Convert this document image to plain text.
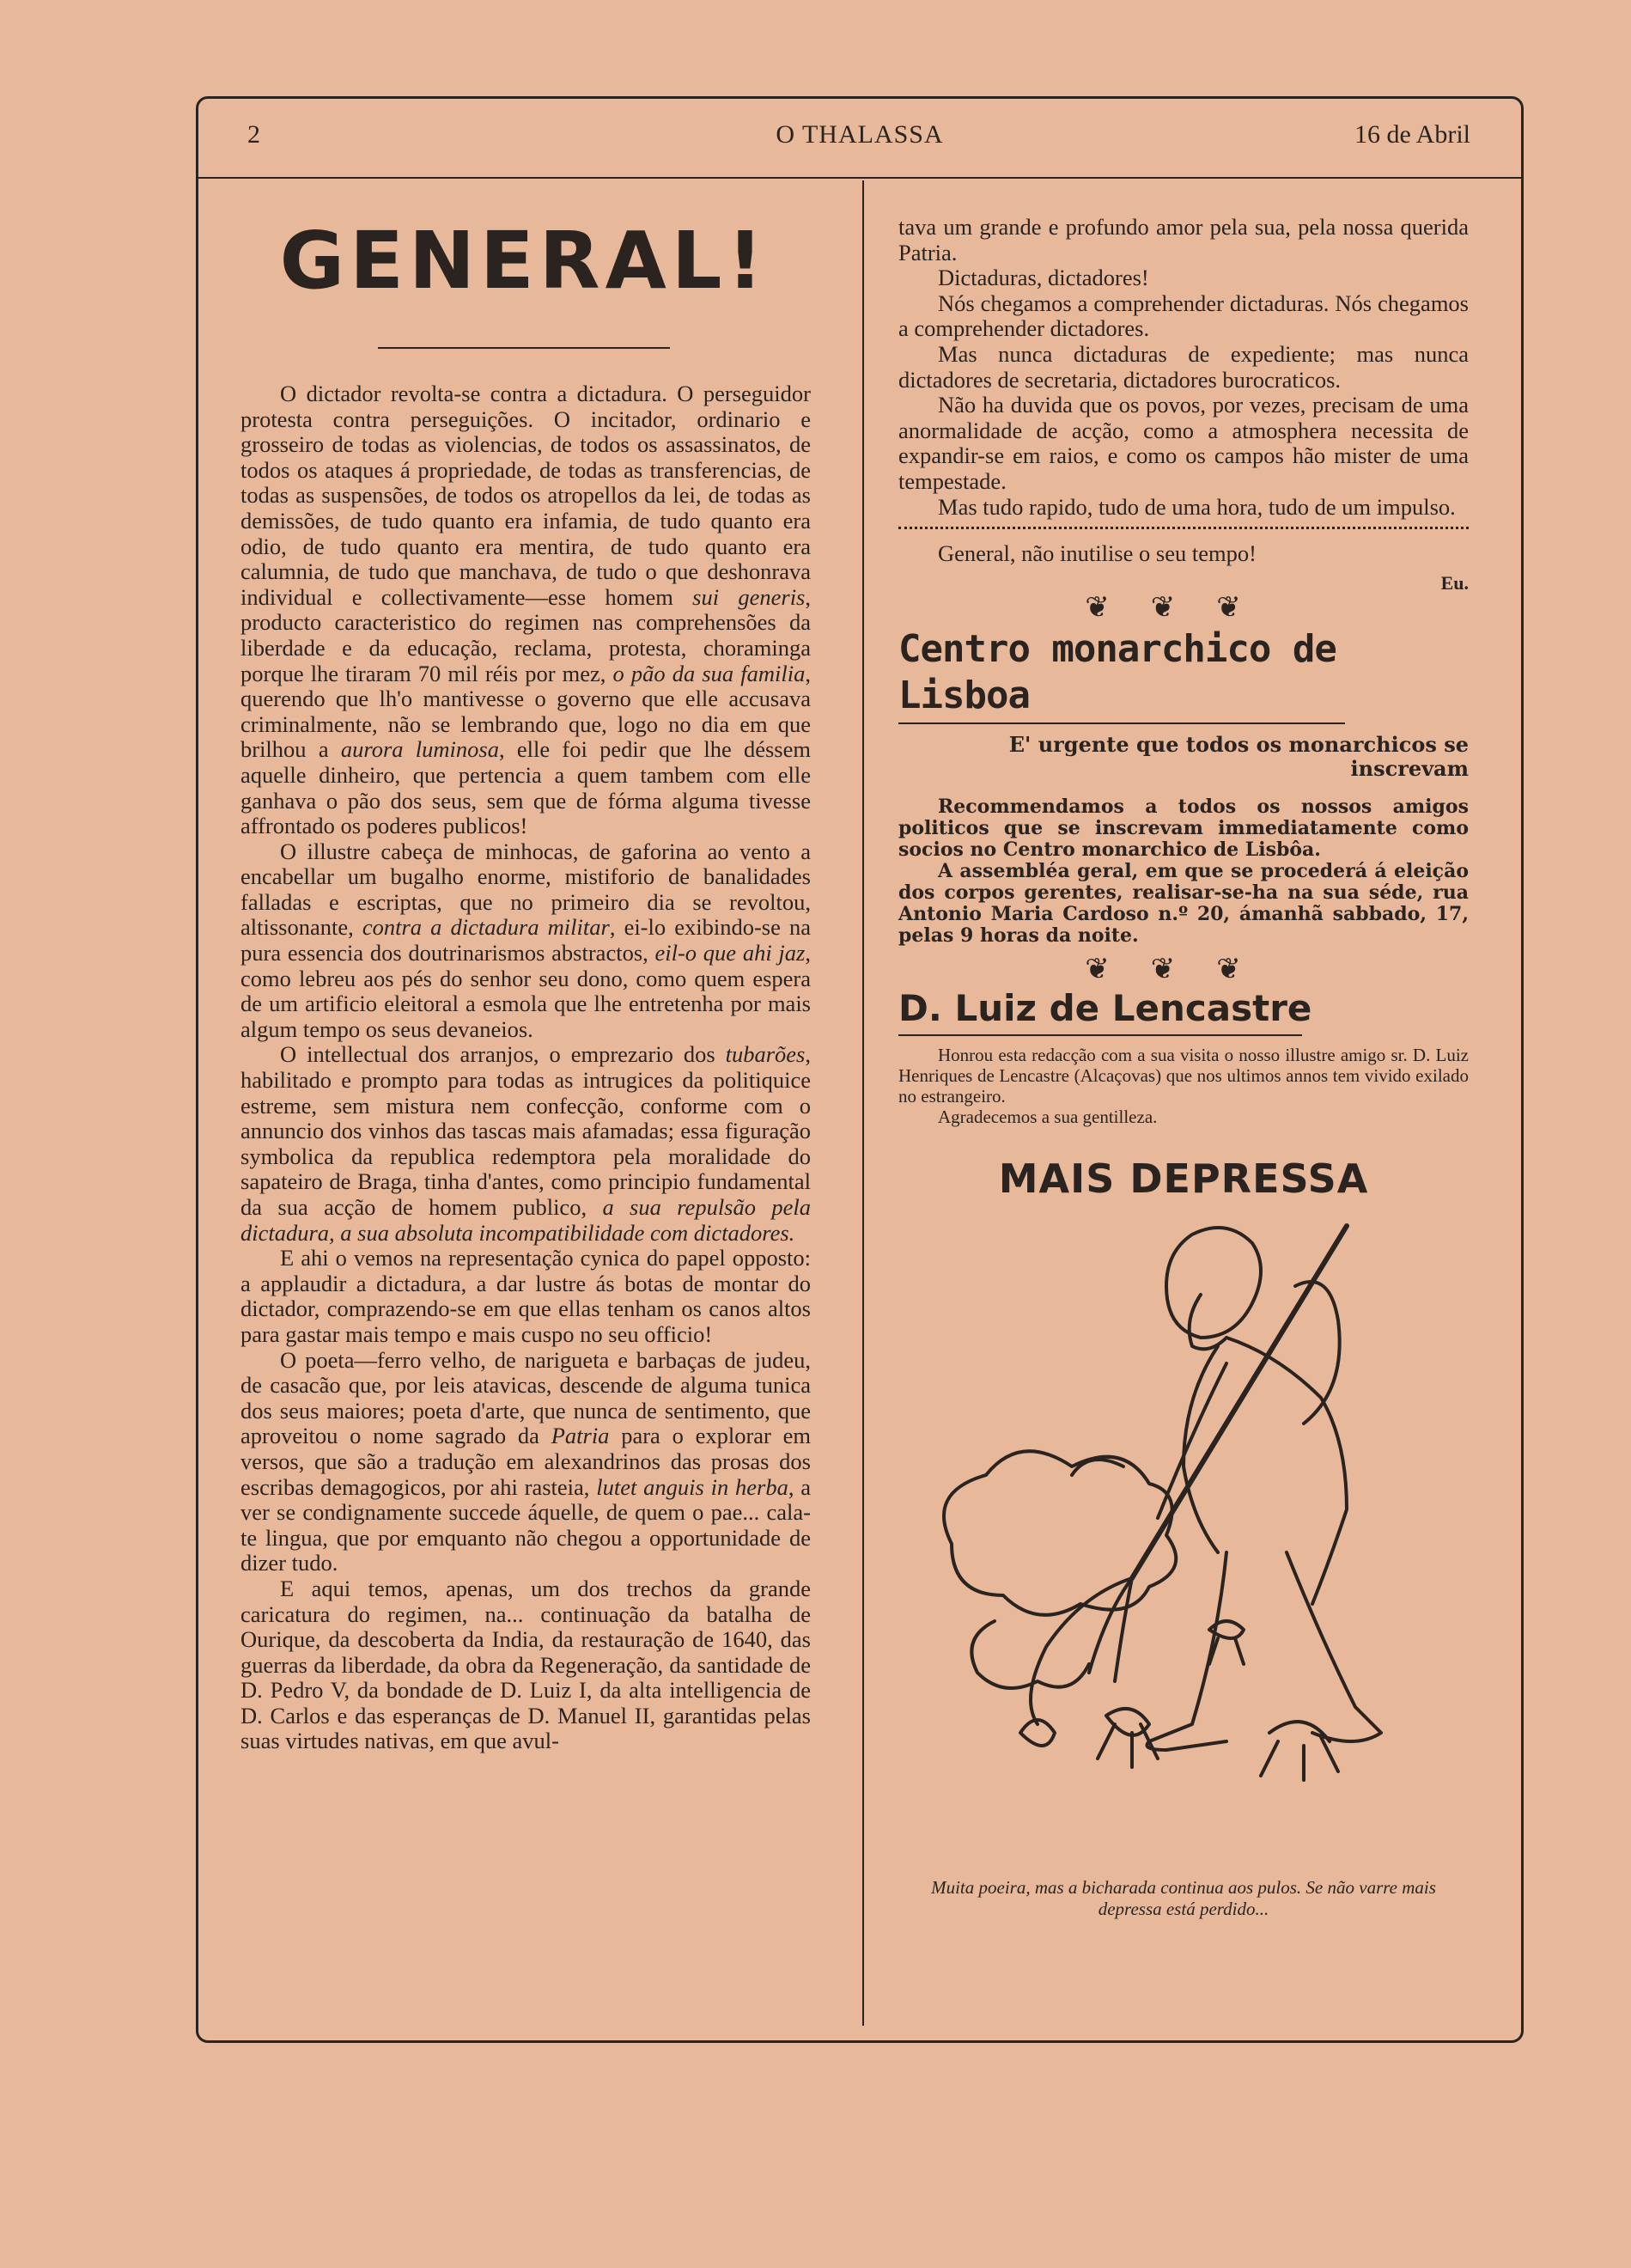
2	O THALASSA	16 de Abril
GENERAL!

O dictador revolta-se contra a dictadura. O perseguidor protesta contra perseguições. O incitador, ordinario e grosseiro de todas as violencias, de todos os assassinatos, de todos os ataques á propriedade, de todas as transferencias, de todas as suspensões, de todos os atropellos da lei, de todas as demissões, de tudo quanto era infamia, de tudo quanto era odio, de tudo quanto era mentira, de tudo quanto era calumnia, de tudo que manchava, de tudo o que deshonrava individual e collectivamente—esse homem sui generis, producto caracteristico do regimen nas comprehensões da liberdade e da educação, reclama, protesta, choraminga porque lhe tiraram 70 mil réis por mez, o pão da sua familia, querendo que lh'o mantivesse o governo que elle accusava criminalmente, não se lembrando que, logo no dia em que brilhou a aurora luminosa, elle foi pedir que lhe déssem aquelle dinheiro, que pertencia a quem tambem com elle ganhava o pão dos seus, sem que de fórma alguma tivesse affrontado os poderes publicos!

O illustre cabeça de minhocas, de gaforina ao vento a encabellar um bugalho enorme, mistiforio de banalidades falladas e escriptas, que no primeiro dia se revoltou, altissonante, contra a dictadura militar, ei-lo exibindo-se na pura essencia dos doutrinarismos abstractos, eil-o que ahi jaz, como lebreu aos pés do senhor seu dono, como quem espera de um artificio eleitoral a esmola que lhe entretenha por mais algum tempo os seus devaneios.

O intellectual dos arranjos, o emprezario dos tubarões, habilitado e prompto para todas as intrugices da politiquice estreme, sem mistura nem confecção, conforme com o annuncio dos vinhos das tascas mais afamadas; essa figuração symbolica da republica redemptora pela moralidade do sapateiro de Braga, tinha d'antes, como principio fundamental da sua acção de homem publico, a sua repulsão pela dictadura, a sua absoluta incompatibilidade com dictadores.

E ahi o vemos na representação cynica do papel opposto: a applaudir a dictadura, a dar lustre ás botas de montar do dictador, comprazendo-se em que ellas tenham os canos altos para gastar mais tempo e mais cuspo no seu officio!

O poeta—ferro velho, de narigueta e barbaças de judeu, de casacão que, por leis atavicas, descende de alguma tunica dos seus maiores; poeta d'arte, que nunca de sentimento, que aproveitou o nome sagrado da Patria para o explorar em versos, que são a tradução em alexandrinos das prosas dos escribas demagogicos, por ahi rasteia, lutet anguis in herba, a ver se condignamente succede áquelle, de quem o pae... cala-te lingua, que por emquanto não chegou a opportunidade de dizer tudo.

E aqui temos, apenas, um dos trechos da grande caricatura do regimen, na... continuação da batalha de Ourique, da descoberta da India, da restauração de 1640, das guerras da liberdade, da obra da Regeneração, da santidade de D. Pedro V, da bondade de D. Luiz I, da alta intelligencia de D. Carlos e das esperanças de D. Manuel II, garantidas pelas suas virtudes nativas, em que avul-

tava um grande e profundo amor pela sua, pela nossa querida Patria.

Dictaduras, dictadores!

Nós chegamos a comprehender dictaduras. Nós chegamos a comprehender dictadores.

Mas nunca dictaduras de expediente; mas nunca dictadores de secretaria, dictadores burocraticos.

Não ha duvida que os povos, por vezes, precisam de uma anormalidade de acção, como a atmosphera necessita de expandir-se em raios, e como os campos hão mister de uma tempestade.

Mas tudo rapido, tudo de uma hora, tudo de um impulso.

General, não inutilise o seu tempo!

Eu.
❦❦❦
Centro monarchico de Lisboa
E' urgente que todos os monarchicos se inscrevam

Recommendamos a todos os nossos amigos politicos que se inscrevam immediatamente como socios no Centro monarchico de Lisbôa.

A assembléa geral, em que se procederá á eleição dos corpos gerentes, realisar-se-ha na sua séde, rua Antonio Maria Cardoso n.º 20, ámanhã sabbado, 17, pelas 9 horas da noite.

❦❦❦
D. Luiz de Lencastre

Honrou esta redacção com a sua visita o nosso illustre amigo sr. D. Luiz Henriques de Lencastre (Alcaçovas) que nos ultimos annos tem vivido exilado no estrangeiro.

Agradecemos a sua gentilleza.

MAIS DEPRESSA
Muita poeira, mas a bicharada continua aos pulos. Se não varre mais depressa está perdido...
